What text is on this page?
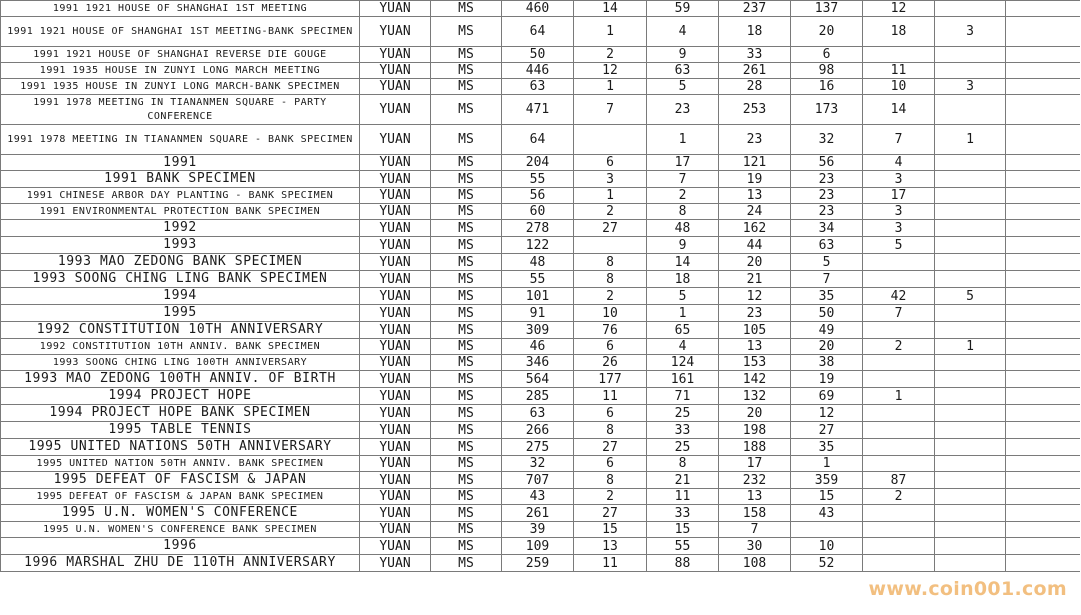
1991 1921 HOUSE OF SHANGHAI 1ST MEETING	YUAN	MS	460	14	59	237	137	12		
1991 1921 HOUSE OF SHANGHAI 1ST MEETING-BANK SPECIMEN	YUAN	MS	64	1	4	18	20	18	3	
1991 1921 HOUSE OF SHANGHAI REVERSE DIE GOUGE	YUAN	MS	50	2	9	33	6			
1991 1935 HOUSE IN ZUNYI LONG MARCH MEETING	YUAN	MS	446	12	63	261	98	11		
1991 1935 HOUSE IN ZUNYI LONG MARCH-BANK SPECIMEN	YUAN	MS	63	1	5	28	16	10	3	
1991 1978 MEETING IN TIANANMEN SQUARE - PARTY CONFERENCE	YUAN	MS	471	7	23	253	173	14		
1991 1978 MEETING IN TIANANMEN SQUARE - BANK SPECIMEN	YUAN	MS	64		1	23	32	7	1	
1991	YUAN	MS	204	6	17	121	56	4		
1991 BANK SPECIMEN	YUAN	MS	55	3	7	19	23	3		
1991 CHINESE ARBOR DAY PLANTING - BANK SPECIMEN	YUAN	MS	56	1	2	13	23	17		
1991 ENVIRONMENTAL PROTECTION BANK SPECIMEN	YUAN	MS	60	2	8	24	23	3		
1992	YUAN	MS	278	27	48	162	34	3		
1993	YUAN	MS	122		9	44	63	5		
1993 MAO ZEDONG BANK SPECIMEN	YUAN	MS	48	8	14	20	5			
1993 SOONG CHING LING BANK SPECIMEN	YUAN	MS	55	8	18	21	7			
1994	YUAN	MS	101	2	5	12	35	42	5	
1995	YUAN	MS	91	10	1	23	50	7		
1992 CONSTITUTION 10TH ANNIVERSARY	YUAN	MS	309	76	65	105	49			
1992 CONSTITUTION 10TH ANNIV. BANK SPECIMEN	YUAN	MS	46	6	4	13	20	2	1	
1993 SOONG CHING LING 100TH ANNIVERSARY	YUAN	MS	346	26	124	153	38			
1993 MAO ZEDONG 100TH ANNIV. OF BIRTH	YUAN	MS	564	177	161	142	19			
1994 PROJECT HOPE	YUAN	MS	285	11	71	132	69	1		
1994 PROJECT HOPE BANK SPECIMEN	YUAN	MS	63	6	25	20	12			
1995 TABLE TENNIS	YUAN	MS	266	8	33	198	27			
1995 UNITED NATIONS 50TH ANNIVERSARY	YUAN	MS	275	27	25	188	35			
1995 UNITED NATION 50TH ANNIV. BANK SPECIMEN	YUAN	MS	32	6	8	17	1			
1995 DEFEAT OF FASCISM & JAPAN	YUAN	MS	707	8	21	232	359	87		
1995 DEFEAT OF FASCISM & JAPAN BANK SPECIMEN	YUAN	MS	43	2	11	13	15	2		
1995 U.N. WOMEN'S CONFERENCE	YUAN	MS	261	27	33	158	43			
1995 U.N. WOMEN'S CONFERENCE BANK SPECIMEN	YUAN	MS	39	15	15	7				
1996	YUAN	MS	109	13	55	30	10			
1996 MARSHAL ZHU DE 110TH ANNIVERSARY	YUAN	MS	259	11	88	108	52			
www.coin001.com
